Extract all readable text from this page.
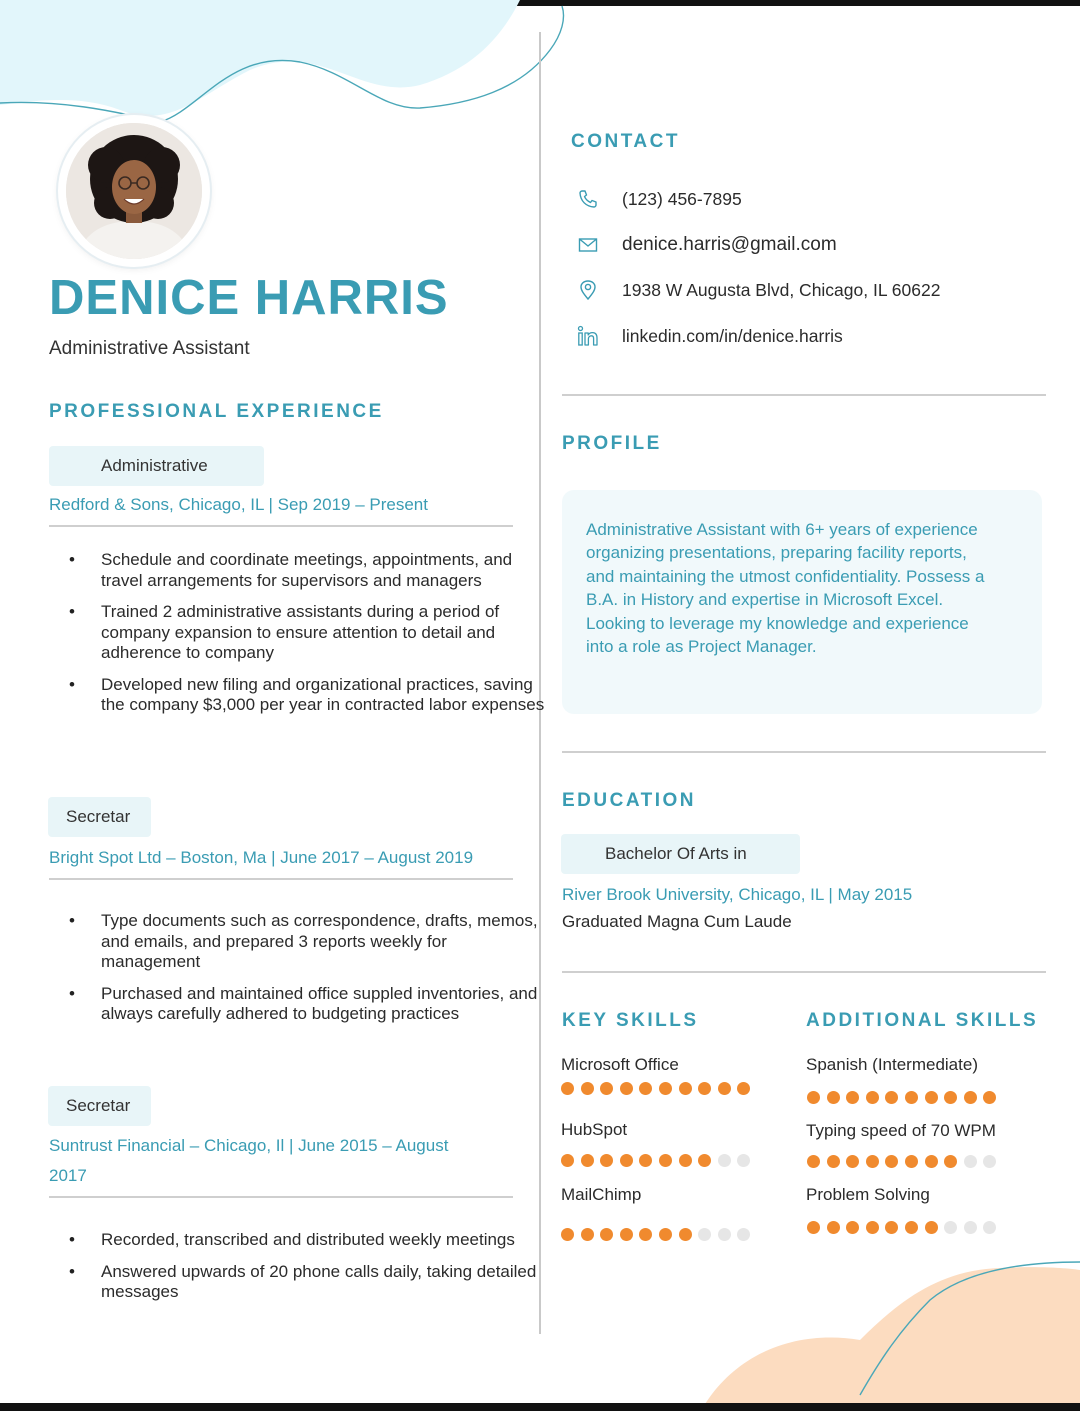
DENICE HARRIS
Administrative Assistant
PROFESSIONAL EXPERIENCE
Administrative
Redford & Sons, Chicago, IL | Sep 2019 – Present
• Schedule and coordinate meetings, appointments, and travel arrangements for supervisors and managers
• Trained 2 administrative assistants during a period of company expansion to ensure attention to detail and adherence to company
• Developed new filing and organizational practices, saving the company $3,000 per year in contracted labor expenses
Secretar
Bright Spot Ltd – Boston, Ma | June 2017 – August 2019
• Type documents such as correspondence, drafts, memos, and emails, and prepared 3 reports weekly for management
• Purchased and maintained office suppled inventories, and always carefully adhered to budgeting practices
Secretar
Suntrust Financial – Chicago, Il | June 2015 – August 2017
• Recorded, transcribed and distributed weekly meetings
• Answered upwards of 20 phone calls daily, taking detailed messages
CONTACT
(123) 456-7895
denice.harris@gmail.com
1938 W Augusta Blvd, Chicago, IL 60622
linkedin.com/in/denice.harris
PROFILE
Administrative Assistant with 6+ years of experience organizing presentations, preparing facility reports, and maintaining the utmost confidentiality. Possess a B.A. in History and expertise in Microsoft Excel. Looking to leverage my knowledge and experience into a role as Project Manager.
EDUCATION
Bachelor Of Arts in
River Brook University, Chicago, IL | May 2015
Graduated Magna Cum Laude
KEY SKILLS	ADDITIONAL SKILLS
Microsoft Office
HubSpot
MailChimp
Spanish (Intermediate)
Typing speed of 70 WPM
Problem Solving
